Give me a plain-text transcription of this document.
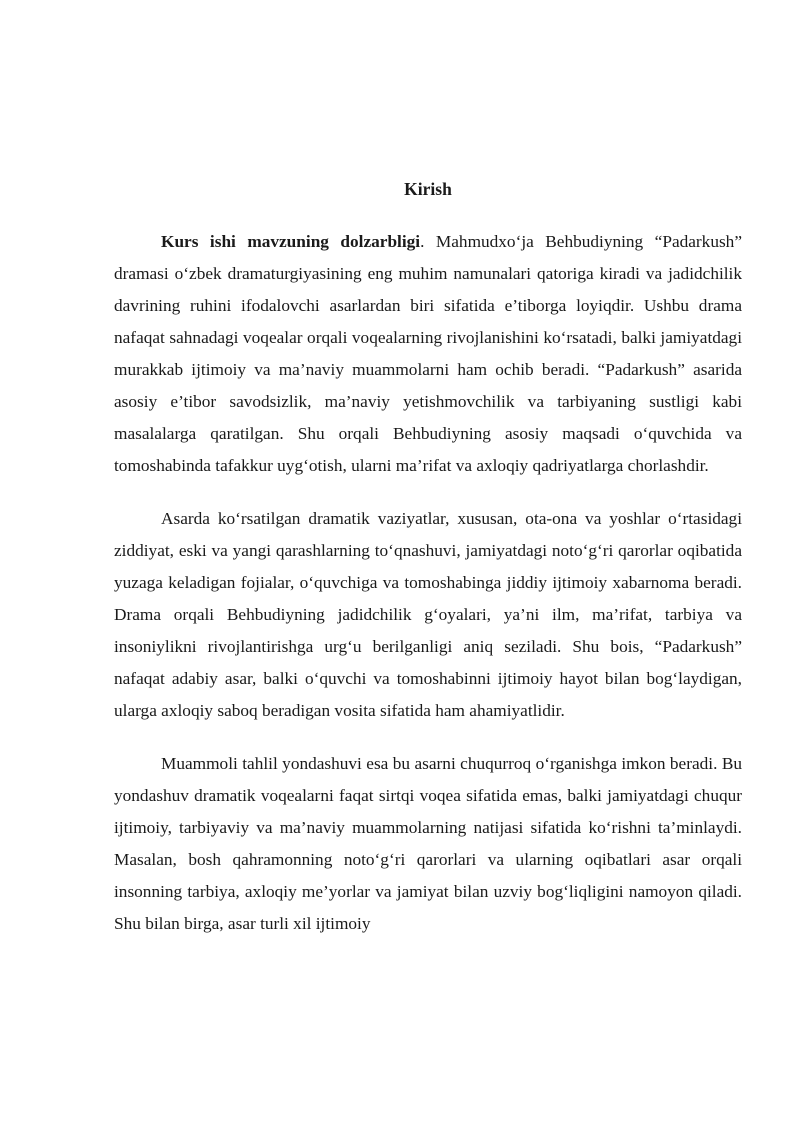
Kirish

Kurs ishi mavzuning dolzarbligi. Mahmudxo‘ja Behbudiyning “Padarkush” dramasi o‘zbek dramaturgiyasining eng muhim namunalari qatoriga kiradi va jadidchilik davrining ruhini ifodalovchi asarlardan biri sifatida e’tiborga loyiqdir. Ushbu drama nafaqat sahnadagi voqealar orqali voqealarning rivojlanishini ko‘rsatadi, balki jamiyatdagi murakkab ijtimoiy va ma’naviy muammolarni ham ochib beradi. “Padarkush” asarida asosiy e’tibor savodsizlik, ma’naviy yetishmovchilik va tarbiyaning sustligi kabi masalalarga qaratilgan. Shu orqali Behbudiyning asosiy maqsadi o‘quvchida va tomoshabinda tafakkur uyg‘otish, ularni ma’rifat va axloqiy qadriyatlarga chorlashdir.

Asarda ko‘rsatilgan dramatik vaziyatlar, xususan, ota-ona va yoshlar o‘rtasidagi ziddiyat, eski va yangi qarashlarning to‘qnashuvi, jamiyatdagi noto‘g‘ri qarorlar oqibatida yuzaga keladigan fojialar, o‘quvchiga va tomoshabinga jiddiy ijtimoiy xabarnoma beradi. Drama orqali Behbudiyning jadidchilik g‘oyalari, ya’ni ilm, ma’rifat, tarbiya va insoniylikni rivojlantirishga urg‘u berilganligi aniq seziladi. Shu bois, “Padarkush” nafaqat adabiy asar, balki o‘quvchi va tomoshabinni ijtimoiy hayot bilan bog‘laydigan, ularga axloqiy saboq beradigan vosita sifatida ham ahamiyatlidir.

Muammoli tahlil yondashuvi esa bu asarni chuqurroq o‘rganishga imkon beradi. Bu yondashuv dramatik voqealarni faqat sirtqi voqea sifatida emas, balki jamiyatdagi chuqur ijtimoiy, tarbiyaviy va ma’naviy muammolarning natijasi sifatida ko‘rishni ta’minlaydi. Masalan, bosh qahramonning noto‘g‘ri qarorlari va ularning oqibatlari asar orqali insonning tarbiya, axloqiy me’yorlar va jamiyat bilan uzviy bog‘liqligini namoyon qiladi. Shu bilan birga, asar turli xil ijtimoiy
